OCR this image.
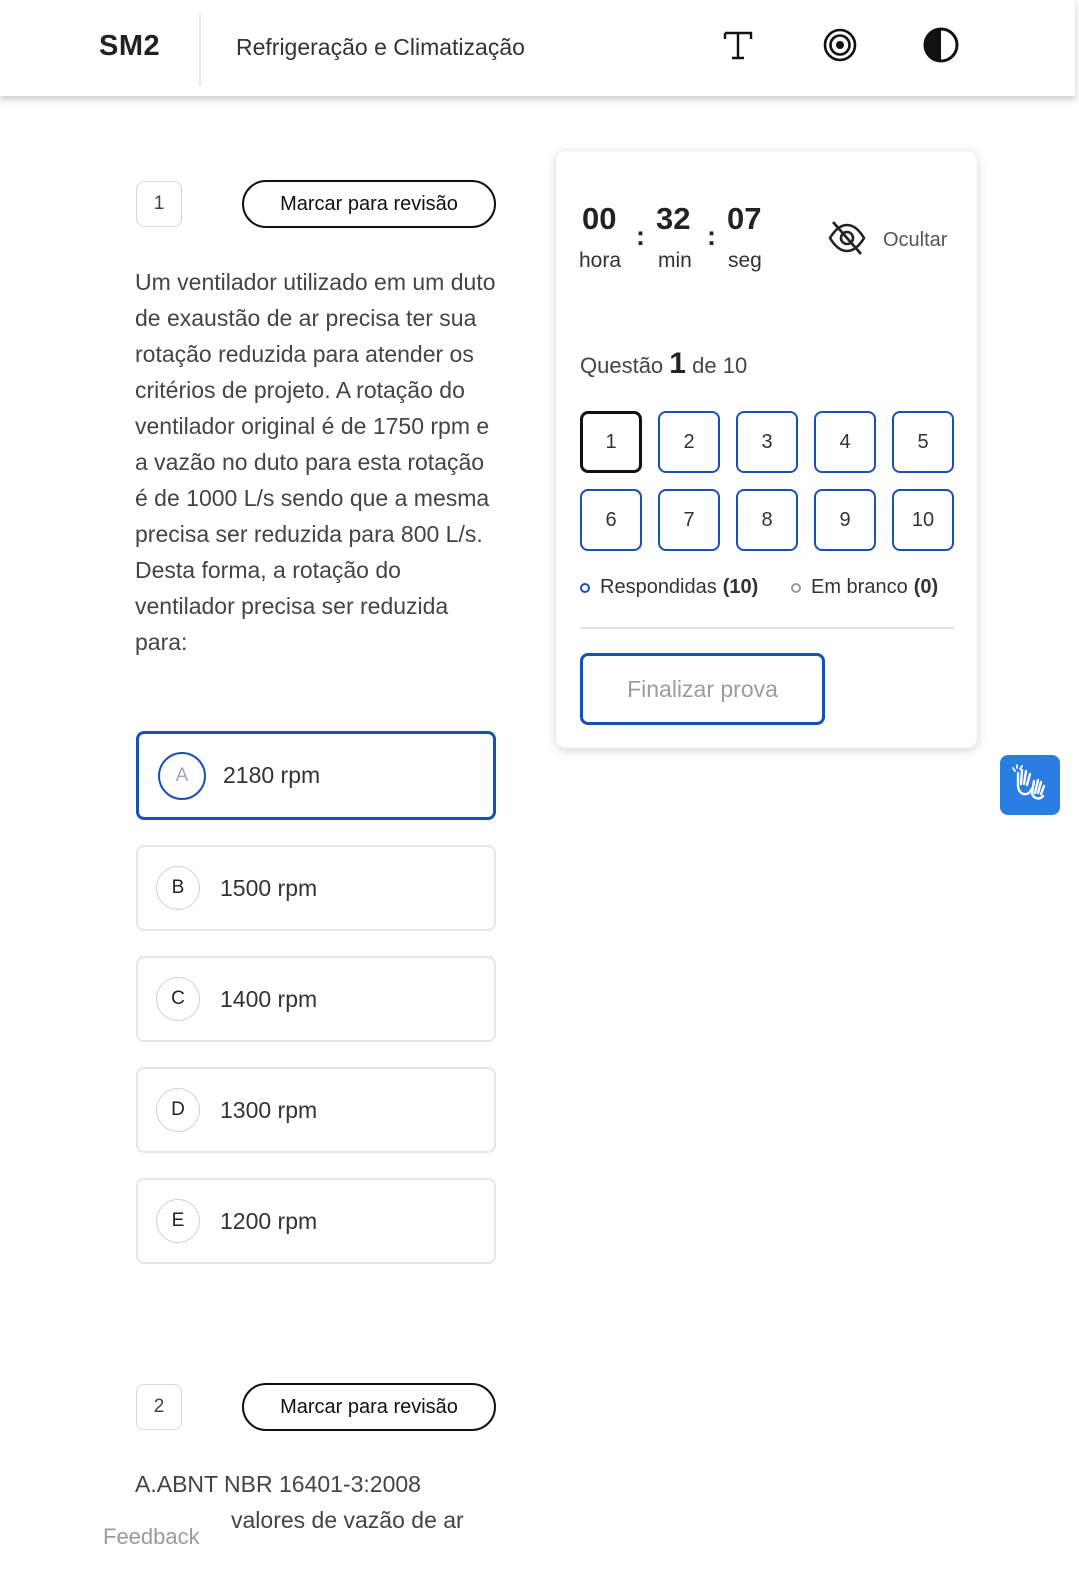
SM2	Refrigeração e Climatização
1	Marcar para revisão
Um ventilador utilizado em um duto de exaustão de ar precisa ter sua rotação reduzida para atender os critérios de projeto. A rotação do ventilador original é de 1750 rpm e a vazão no duto para esta rotação é de 1000 L/s sendo que a mesma precisa ser reduzida para 800 L/s. Desta forma, a rotação do ventilador precisa ser reduzida para:
A	2180 rpm
B	1500 rpm
C	1400 rpm
D	1300 rpm
E	1200 rpm
2	Marcar para revisão
A.ABNT NBR 16401-3:2008
valores de vazão de ar
00 : 32 : 07
hora min seg
Ocultar
Questão 1 de 10
1	2	3	4	5
6	7	8	9	10
Respondidas (10)	Em branco (0)
Finalizar prova
Feedback
